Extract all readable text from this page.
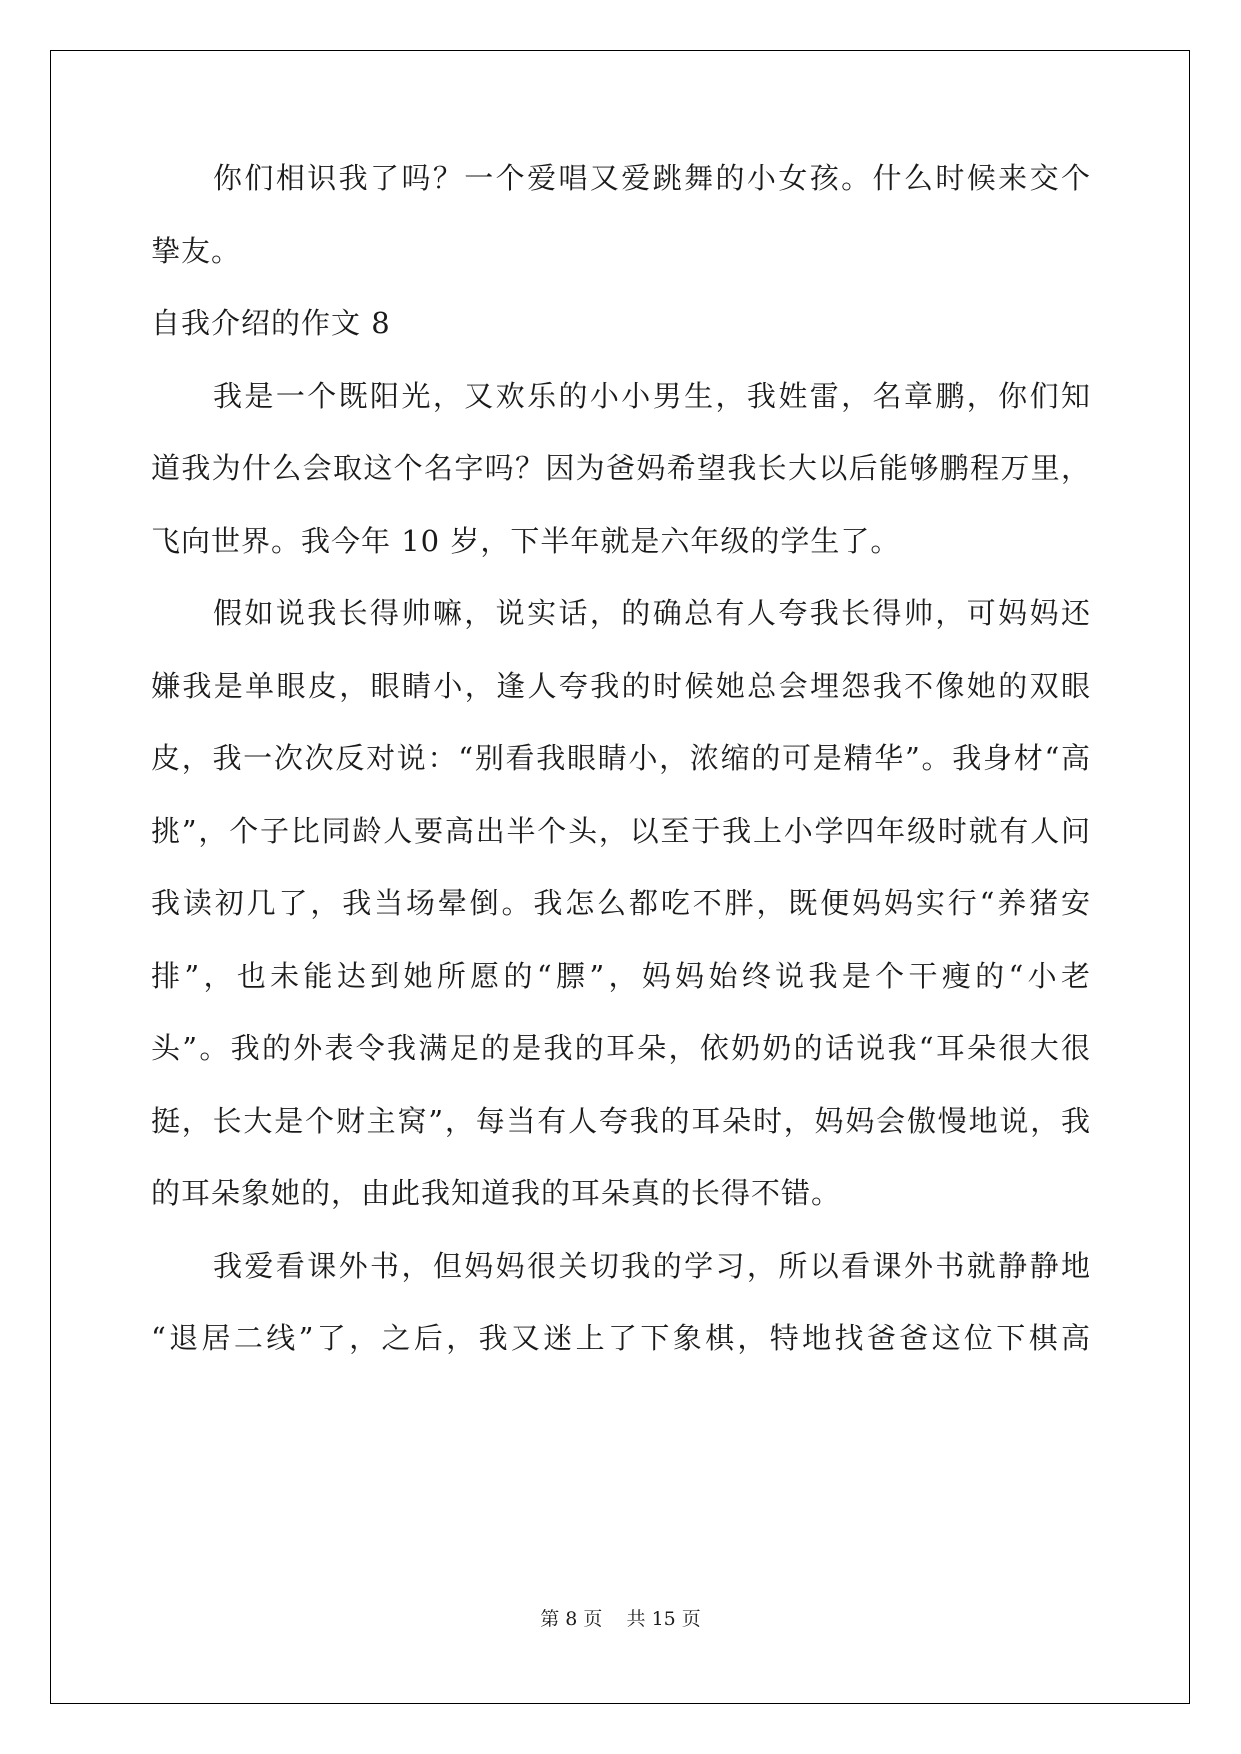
你们相识我了吗？一个爱唱又爱跳舞的小女孩。什么时候来交个
挚友。
自我介绍的作文 8
我是一个既阳光，又欢乐的小小男生，我姓雷，名章鹏，你们知
道我为什么会取这个名字吗？因为爸妈希望我长大以后能够鹏程万里，
飞向世界。我今年 10 岁，下半年就是六年级的学生了。
假如说我长得帅嘛，说实话，的确总有人夸我长得帅，可妈妈还
嫌我是单眼皮，眼睛小，逢人夸我的时候她总会埋怨我不像她的双眼
皮，我一次次反对说：“别看我眼睛小，浓缩的可是精华”。我身材“高
挑”，个子比同龄人要高出半个头，以至于我上小学四年级时就有人问
我读初几了，我当场晕倒。我怎么都吃不胖，既便妈妈实行“养猪安
排”，也未能达到她所愿的“膘”，妈妈始终说我是个干瘦的“小老
头”。我的外表令我满足的是我的耳朵，依奶奶的话说我“耳朵很大很
挺，长大是个财主窝”，每当有人夸我的耳朵时，妈妈会傲慢地说，我
的耳朵象她的，由此我知道我的耳朵真的长得不错。
我爱看课外书，但妈妈很关切我的学习，所以看课外书就静静地
“退居二线”了，之后，我又迷上了下象棋，特地找爸爸这位下棋高
第 8 页 共 15 页
